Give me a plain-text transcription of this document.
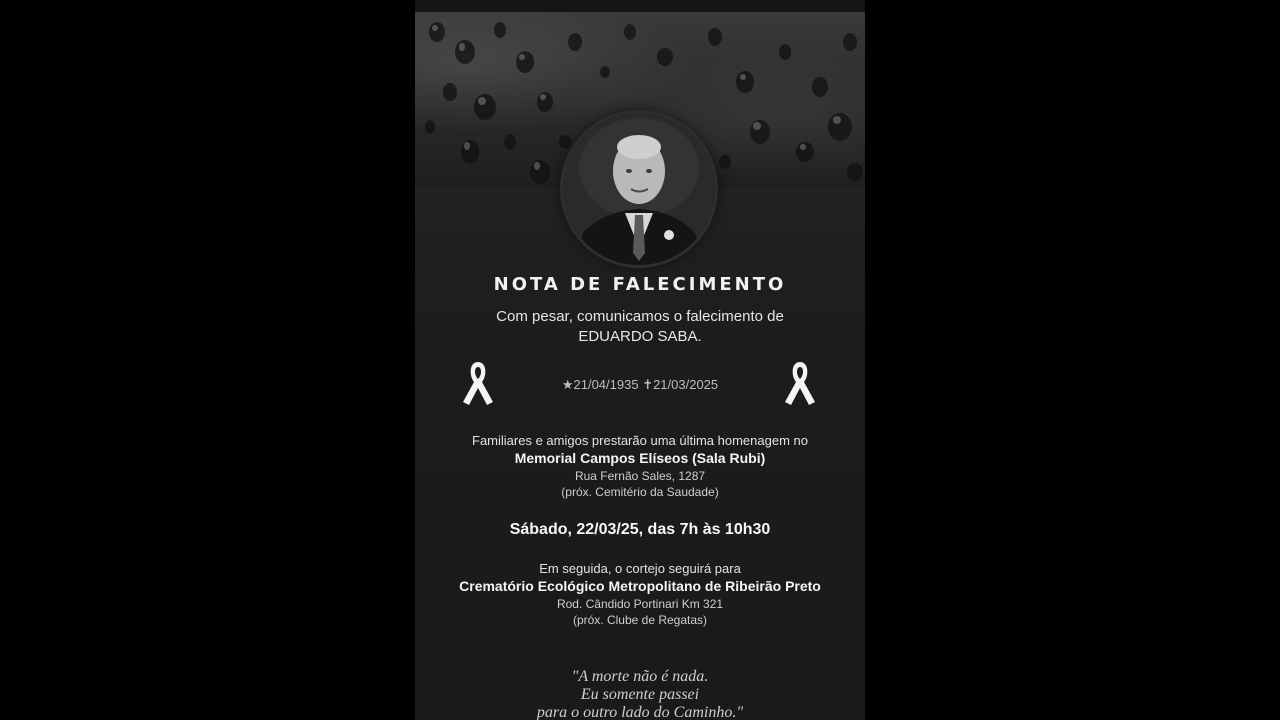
NOTA DE FALECIMENTO
Com pesar, comunicamos o falecimento de
EDUARDO SABA.
★21/04/1935 ✝21/03/2025
Familiares e amigos prestarão uma última homenagem no
Memorial Campos Elíseos (Sala Rubi)
Rua Fernão Sales, 1287
(próx. Cemitério da Saudade)
Sábado, 22/03/25, das 7h às 10h30
Em seguida, o cortejo seguirá para
Crematório Ecológico Metropolitano de Ribeirão Preto
Rod. Cândido Portinari Km 321
(próx. Clube de Regatas)
"A morte não é nada.
Eu somente passei
para o outro lado do Caminho."
